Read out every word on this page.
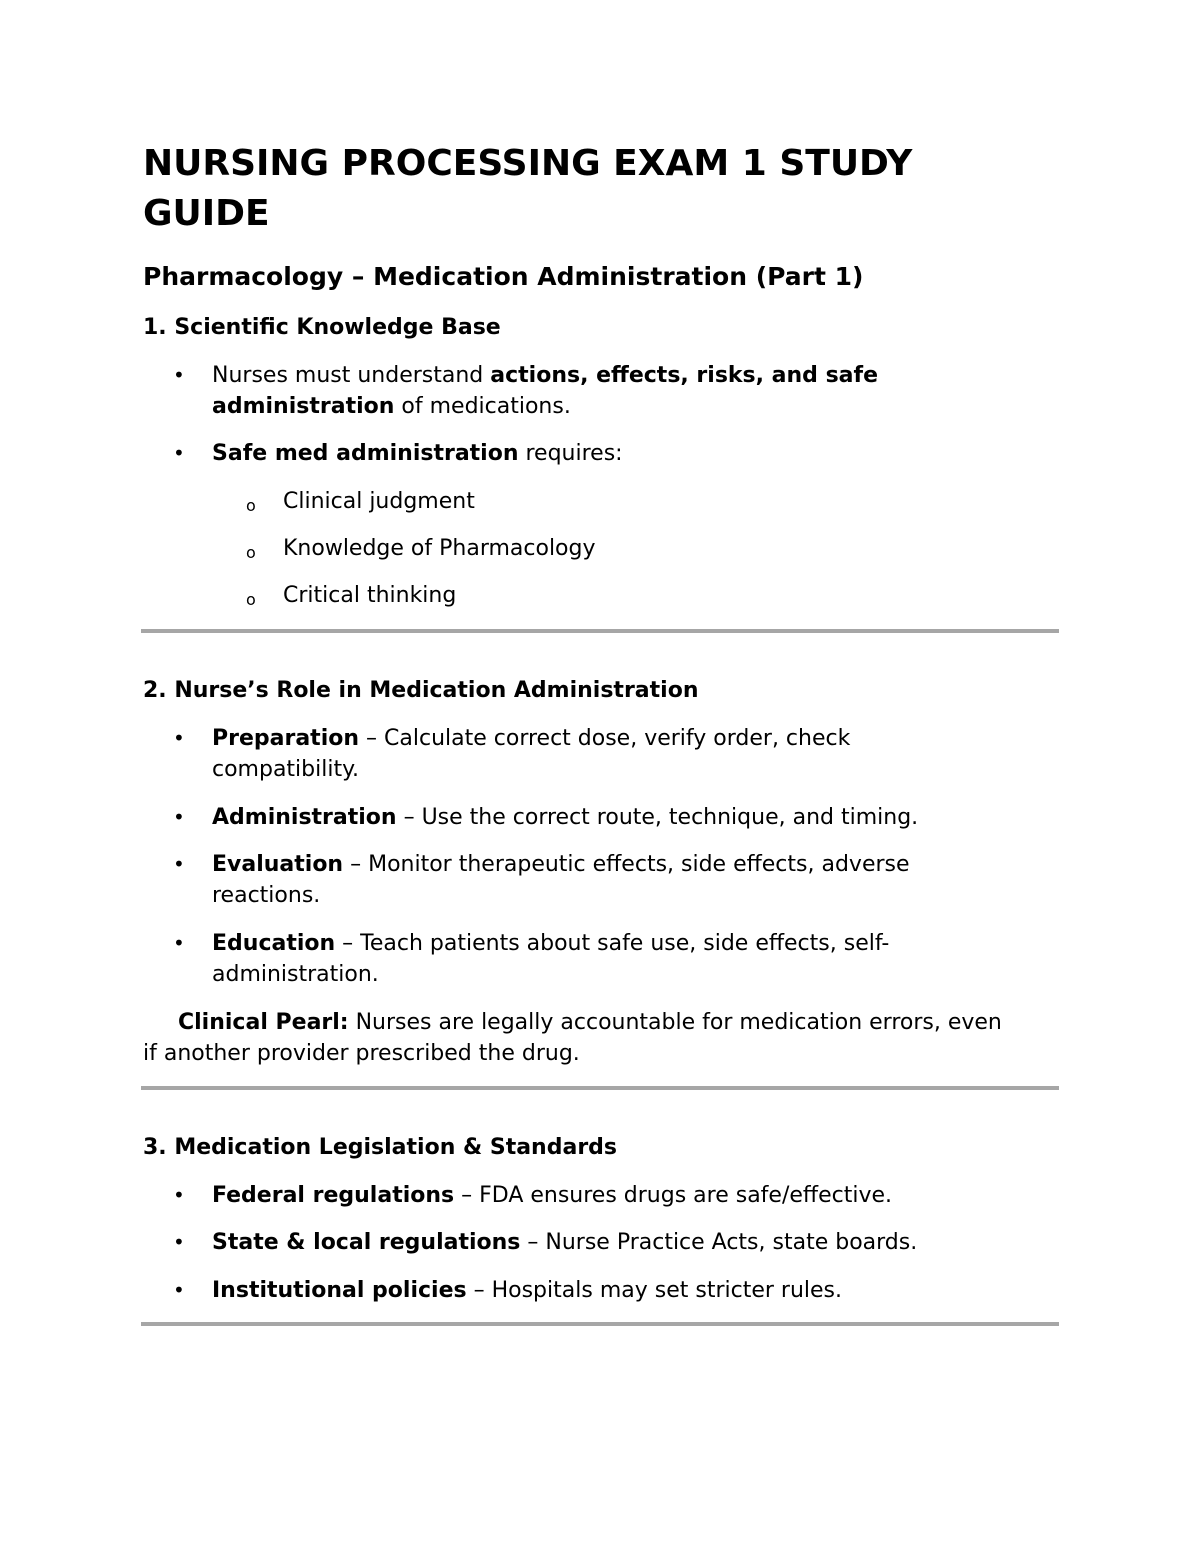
NURSING PROCESSING EXAM 1 STUDY GUIDE
Pharmacology – Medication Administration (Part 1)
1. Scientific Knowledge Base
• Nurses must understand actions, effects, risks, and safe administration of medications.
• Safe med administration requires:
o Clinical judgment
o Knowledge of Pharmacology
o Critical thinking
2. Nurse’s Role in Medication Administration
• Preparation – Calculate correct dose, verify order, check compatibility.
• Administration – Use the correct route, technique, and timing.
• Evaluation – Monitor therapeutic effects, side effects, adverse reactions.
• Education – Teach patients about safe use, side effects, self-administration.

Clinical Pearl: Nurses are legally accountable for medication errors, even if another provider prescribed the drug.

3. Medication Legislation & Standards
• Federal regulations – FDA ensures drugs are safe/effective.
• State & local regulations – Nurse Practice Acts, state boards.
• Institutional policies – Hospitals may set stricter rules.
